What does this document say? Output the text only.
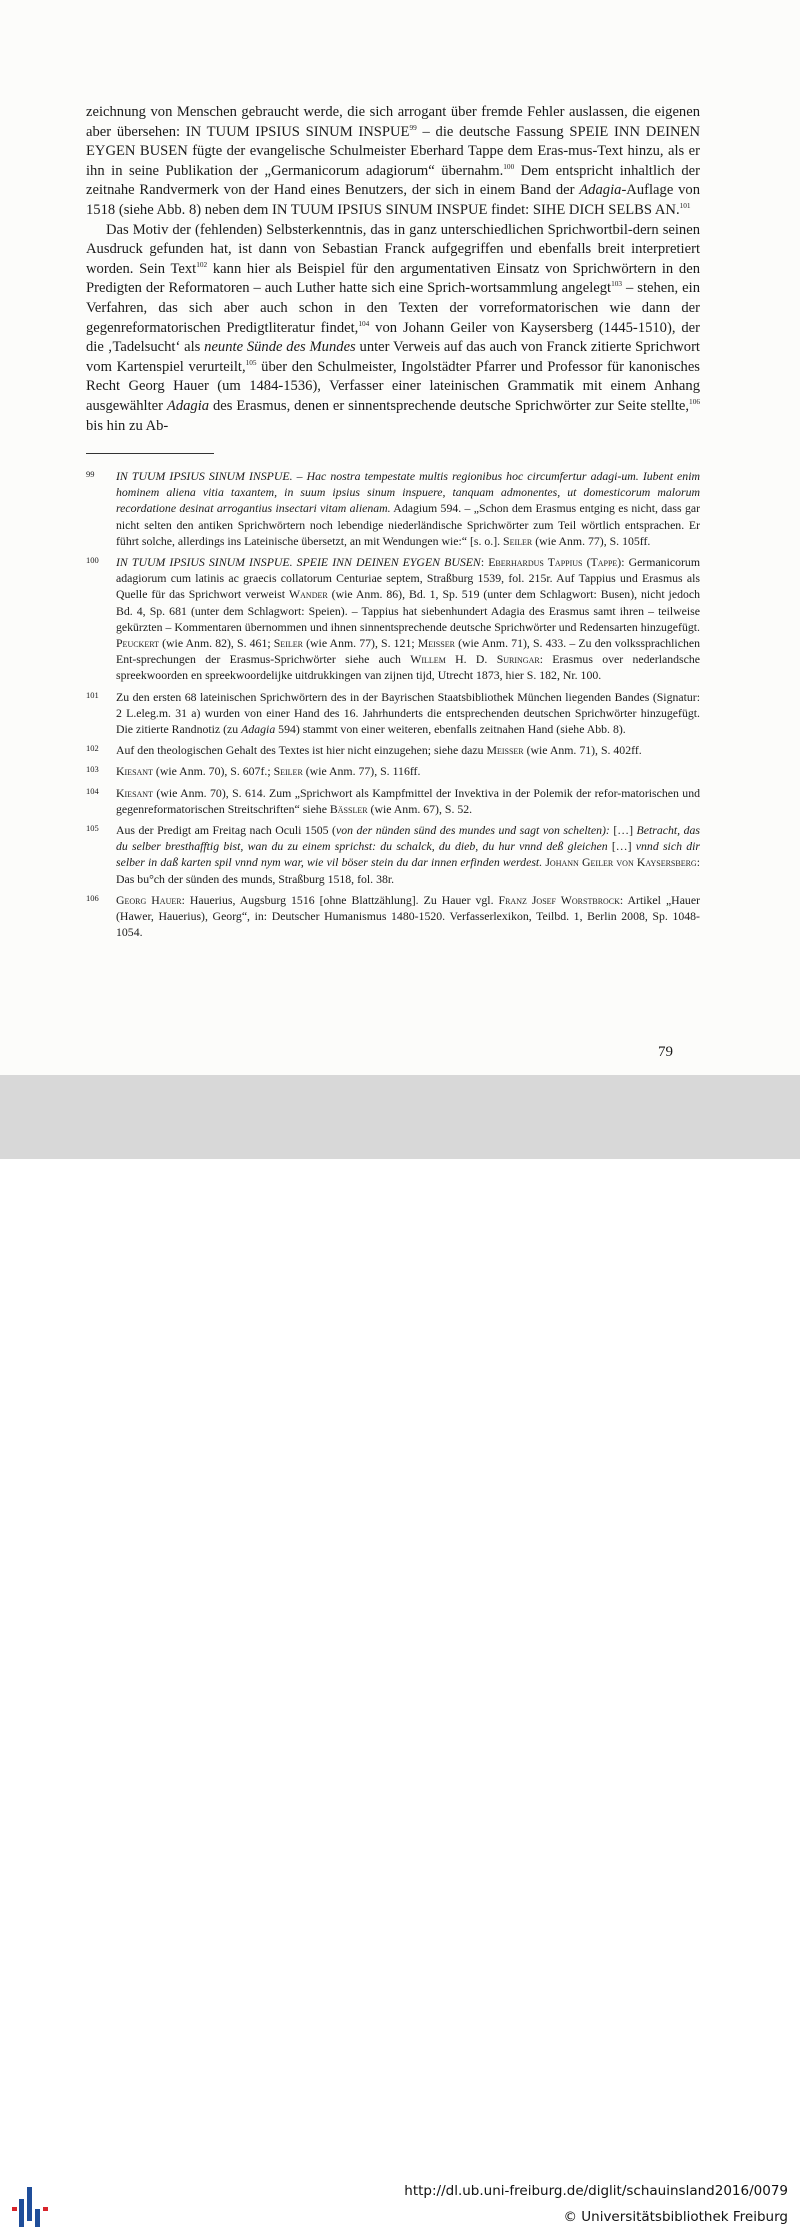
zeichnung von Menschen gebraucht werde, die sich arrogant über fremde Fehler auslassen, die eigenen aber übersehen: IN TUUM IPSIUS SINUM INSPUE$^{99}$ – die deutsche Fassung SPEIE INN DEINEN EYGEN BUSEN fügte der evangelische Schulmeister Eberhard Tappe dem Eras-mus-Text hinzu, als er ihn in seine Publikation der „Germanicorum adagiorum“ übernahm.$^{100}$ Dem entspricht inhaltlich der zeitnahe Randvermerk von der Hand eines Benutzers, der sich in einem Band der Adagia-Auflage von 1518 (siehe Abb. 8) neben dem IN TUUM IPSIUS SINUM INSPUE findet: SIHE DICH SELBS AN.$^{101}$

Das Motiv der (fehlenden) Selbsterkenntnis, das in ganz unterschiedlichen Sprichwortbil-dern seinen Ausdruck gefunden hat, ist dann von Sebastian Franck aufgegriffen und ebenfalls breit interpretiert worden. Sein Text$^{102}$ kann hier als Beispiel für den argumentativen Einsatz von Sprichwörtern in den Predigten der Reformatoren – auch Luther hatte sich eine Sprich-wortsammlung angelegt$^{103}$ – stehen, ein Verfahren, das sich aber auch schon in den Texten der vorreformatorischen wie dann der gegenreformatorischen Predigtliteratur findet,$^{104}$ von Johann Geiler von Kaysersberg (1445-1510), der die ‚Tadelsucht‘ als neunte Sünde des Mundes unter Verweis auf das auch von Franck zitierte Sprichwort vom Kartenspiel verurteilt,$^{105}$ über den Schulmeister, Ingolstädter Pfarrer und Professor für kanonisches Recht Georg Hauer (um 1484-1536), Verfasser einer lateinischen Grammatik mit einem Anhang ausgewählter Adagia des Erasmus, denen er sinnentsprechende deutsche Sprichwörter zur Seite stellte,$^{106}$ bis hin zu Ab-

99 IN TUUM IPSIUS SINUM INSPUE. – Hac nostra tempestate multis regionibus hoc circumfertur adagi-um. Iubent enim hominem aliena vitia taxantem, in suum ipsius sinum inspuere, tanquam admonentes, ut domesticorum malorum recordatione desinat arrogantius insectari vitam alienam. Adagium 594. – „Schon dem Erasmus entging es nicht, dass gar nicht selten den antiken Sprichwörtern noch lebendige niederländische Sprichwörter zum Teil wörtlich entsprachen. Er führt solche, allerdings ins Lateinische übersetzt, an mit Wendungen wie:“ [s. o.]. Seiler (wie Anm. 77), S. 105ff.
100 IN TUUM IPSIUS SINUM INSPUE. SPEIE INN DEINEN EYGEN BUSEN: Eberhardus Tappius (Tappe): Germanicorum adagiorum cum latinis ac graecis collatorum Centuriae septem, Straßburg 1539, fol. 215r. Auf Tappius und Erasmus als Quelle für das Sprichwort verweist Wander (wie Anm. 86), Bd. 1, Sp. 519 (unter dem Schlagwort: Busen), nicht jedoch Bd. 4, Sp. 681 (unter dem Schlagwort: Speien). – Tappius hat siebenhundert Adagia des Erasmus samt ihren – teilweise gekürzten – Kommentaren übernommen und ihnen sinnentsprechende deutsche Sprichwörter und Redensarten hinzugefügt. Peuckert (wie Anm. 82), S. 461; Seiler (wie Anm. 77), S. 121; Meisser (wie Anm. 71), S. 433. – Zu den volkssprachlichen Ent-sprechungen der Erasmus-Sprichwörter siehe auch Willem H. D. Suringar: Erasmus over nederlandsche spreekwoorden en spreekwoordelijke uitdrukkingen van zijnen tijd, Utrecht 1873, hier S. 182, Nr. 100.
101 Zu den ersten 68 lateinischen Sprichwörtern des in der Bayrischen Staatsbibliothek München liegenden Bandes (Signatur: 2 L.eleg.m. 31 a) wurden von einer Hand des 16. Jahrhunderts die entsprechenden deutschen Sprichwörter hinzugefügt. Die zitierte Randnotiz (zu Adagia 594) stammt von einer weiteren, ebenfalls zeitnahen Hand (siehe Abb. 8).
102 Auf den theologischen Gehalt des Textes ist hier nicht einzugehen; siehe dazu Meisser (wie Anm. 71), S. 402ff.
103 Kiesant (wie Anm. 70), S. 607f.; Seiler (wie Anm. 77), S. 116ff.
104 Kiesant (wie Anm. 70), S. 614. Zum „Sprichwort als Kampfmittel der Invektiva in der Polemik der refor-matorischen und gegenreformatorischen Streitschriften“ siehe Bässler (wie Anm. 67), S. 52.
105 Aus der Predigt am Freitag nach Oculi 1505 (von der nünden sünd des mundes und sagt von schelten): […] Betracht, das du selber bresthafftig bist, wan du zu einem sprichst: du schalck, du dieb, du hur vnnd deß gleichen […] vnnd sich dir selber in daß karten spil vnnd nym war, wie vil böser stein du dar innen erfinden werdest. Johann Geiler von Kaysersberg: Das bu°ch der sünden des munds, Straßburg 1518, fol. 38r.
106 Georg Hauer: Hauerius, Augsburg 1516 [ohne Blattzählung]. Zu Hauer vgl. Franz Josef Worstbrock: Artikel „Hauer (Hawer, Hauerius), Georg“, in: Deutscher Humanismus 1480-1520. Verfasserlexikon, Teilbd. 1, Berlin 2008, Sp. 1048-1054.
79
http://dl.ub.uni-freiburg.de/diglit/schauinsland2016/0079
© Universitätsbibliothek Freiburg
